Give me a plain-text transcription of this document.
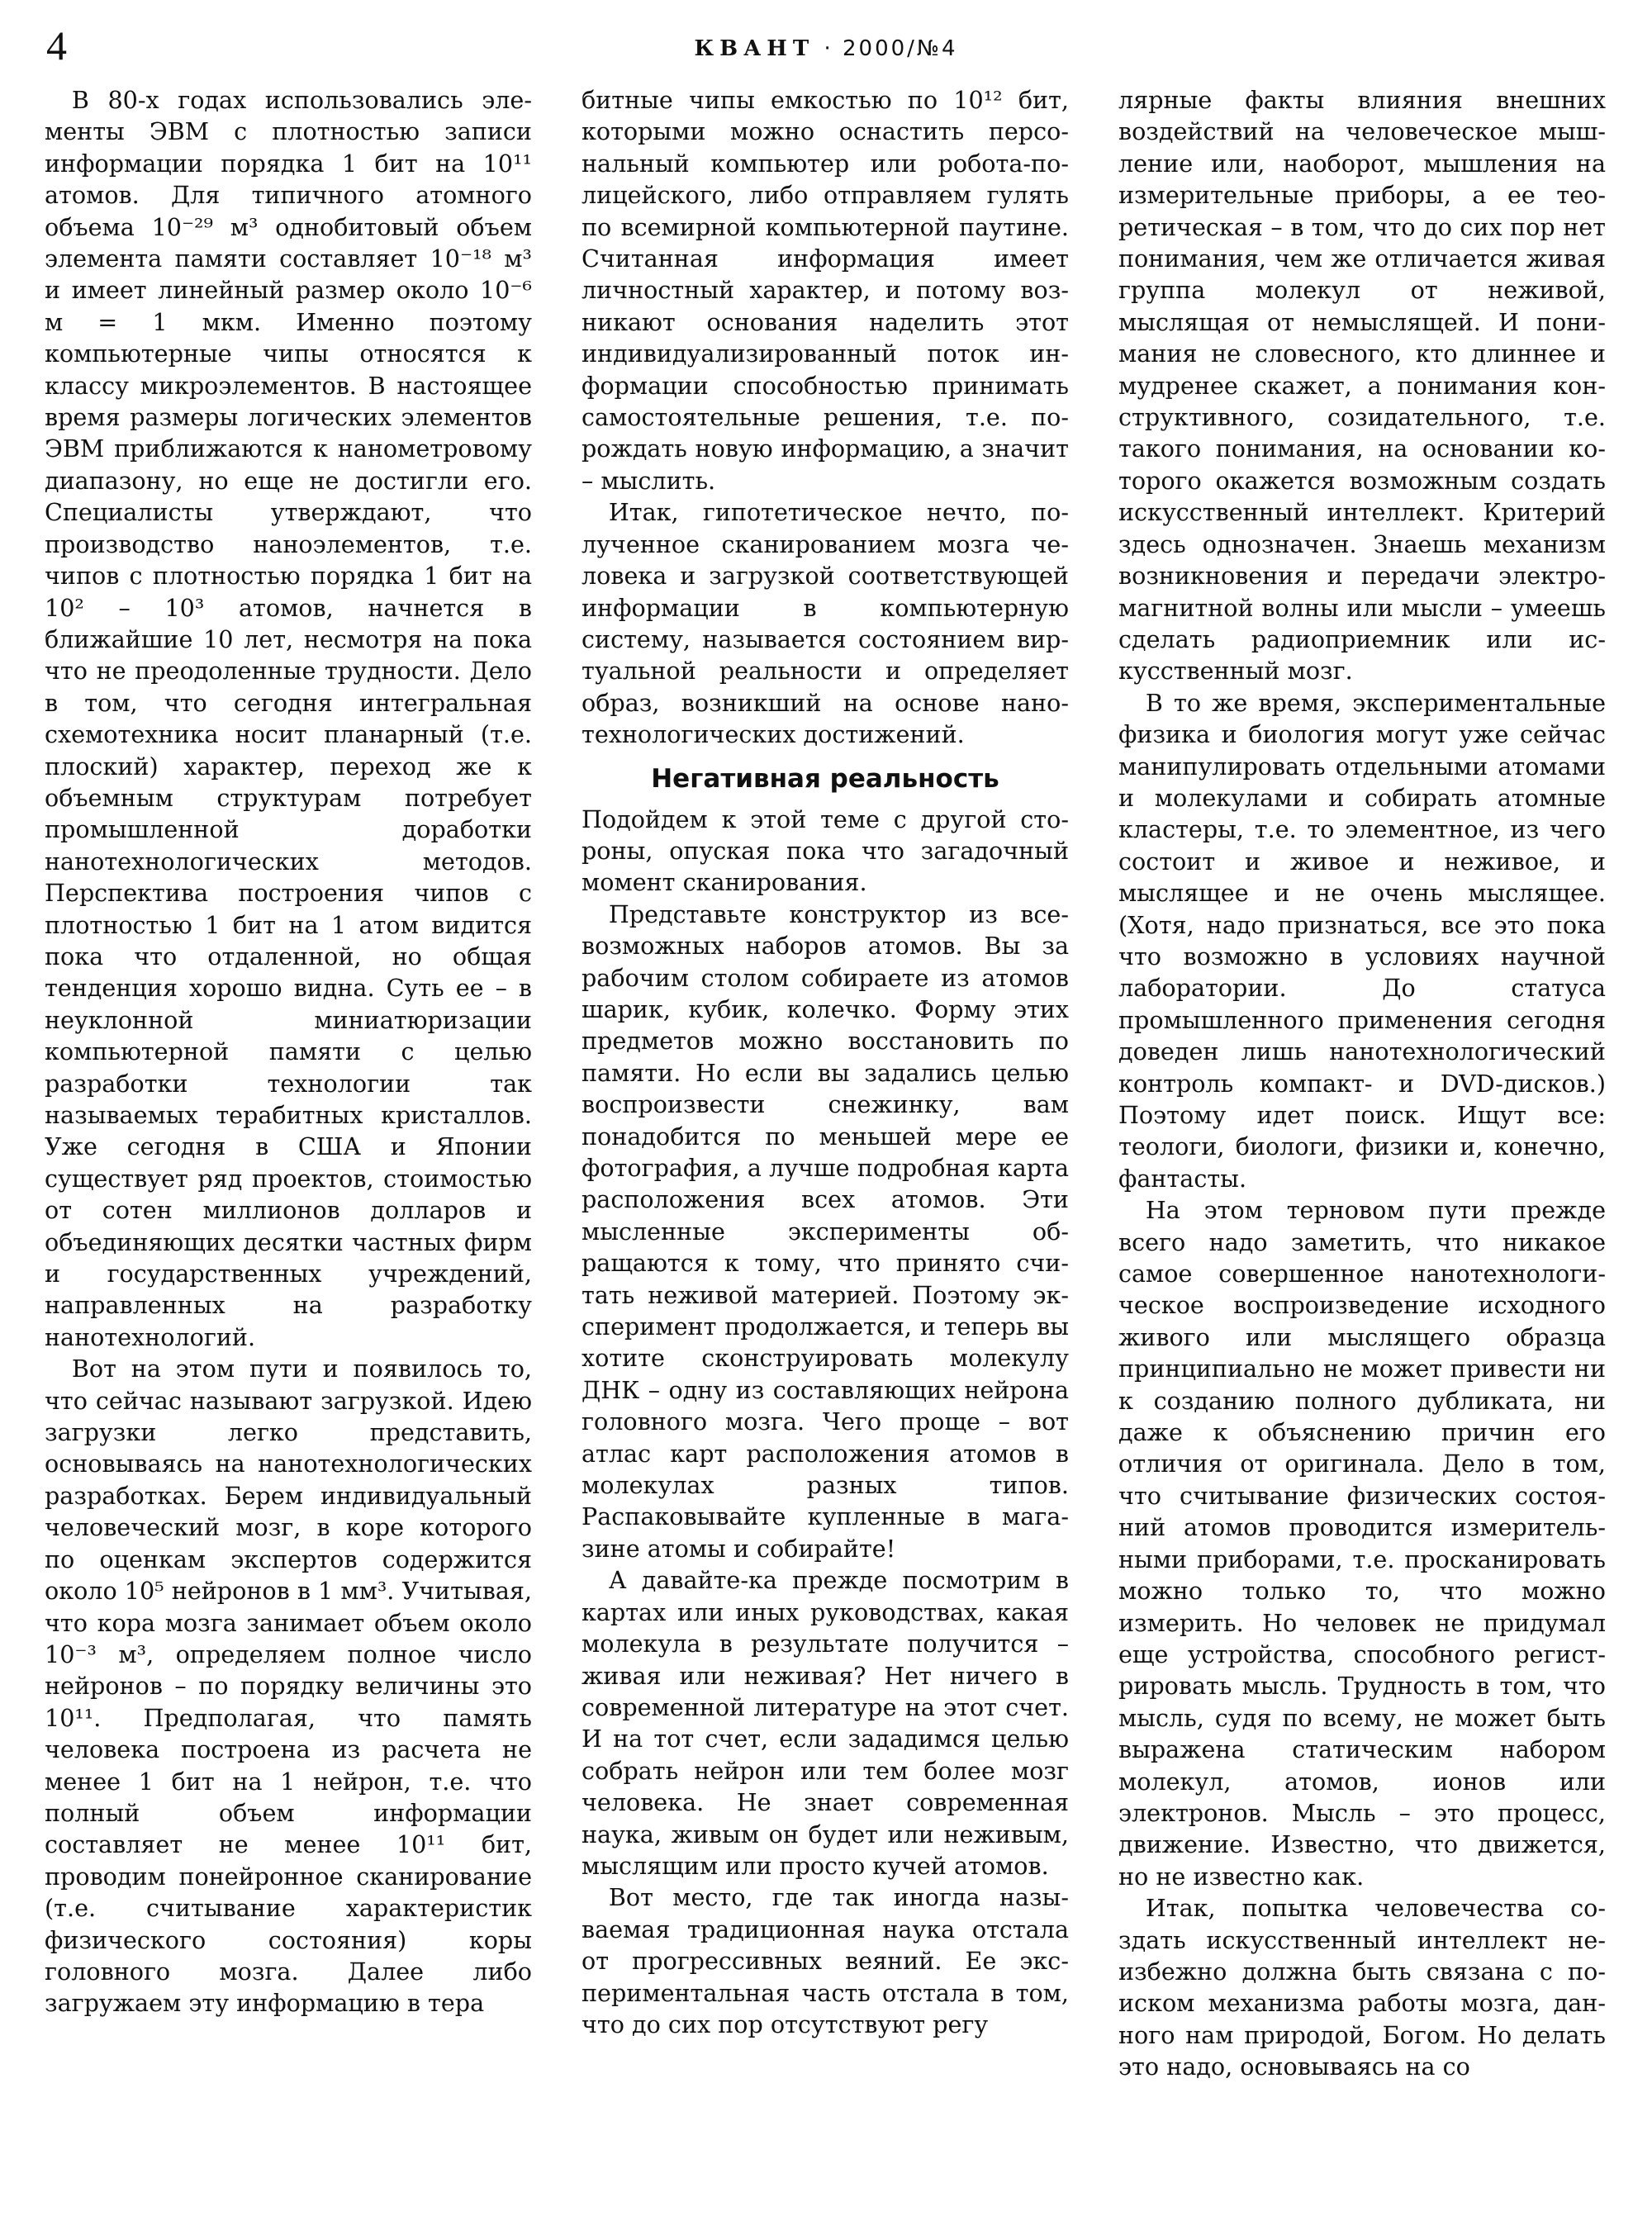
4	КВАНТ · 2000/№4

В 80-х годах использовались элементы ЭВМ с плотностью записи информации порядка 1 бит на 10¹¹ атомов. Для типичного атомного объема 10⁻²⁹ м³ однобитовый объем элемента памяти составляет 10⁻¹⁸ м³ и имеет линейный размер около 10⁻⁶ м = 1 мкм. Именно поэтому компьютерные чипы относятся к классу микроэлементов. В настоящее время размеры логических элементов ЭВМ приближаются к нанометровому диапазону, но еще не достигли его. Специалисты утверждают, что производство наноэлементов, т.е. чипов с плотностью порядка 1 бит на 10² – 10³ атомов, начнется в ближайшие 10 лет, несмотря на пока что не преодоленные трудности. Дело в том, что сегодня интегральная схемотехника носит планарный (т.е. плоский) характер, переход же к объемным структурам потребует промышленной доработки нанотехнологических методов. Перспектива построения чипов с плотностью 1 бит на 1 атом видится пока что отдаленной, но общая тенденция хорошо видна. Суть ее – в неуклонной миниатюризации компьютерной памяти с целью разработки технологии так называемых терабитных кристаллов. Уже сегодня в США и Японии существует ряд проектов, стоимостью от сотен миллионов долларов и объединяющих десятки частных фирм и государственных учреждений, направленных на разработку нанотехнологий.

Вот на этом пути и появилось то, что сейчас называют загрузкой. Идею загрузки легко представить, основываясь на нанотехнологических разработках. Берем индивидуальный человеческий мозг, в коре которого по оценкам экспертов содержится около 10⁵ нейронов в 1 мм³. Учитывая, что кора мозга занимает объем около 10⁻³ м³, определяем полное число нейронов – по порядку величины это 10¹¹. Предполагая, что память человека построена из расчета не менее 1 бит на 1 нейрон, т.е. что полный объем информации составляет не менее 10¹¹ бит, проводим понейронное сканирование (т.е. считывание характеристик физического состояния) коры головного мозга. Далее либо загружаем эту информацию в тера

битные чипы емкостью по 10¹² бит, которыми можно оснастить персональный компьютер или робота-полицейского, либо отправляем гулять по всемирной компьютерной паутине. Считанная информация имеет личностный характер, и потому возникают основания наделить этот индивидуализированный поток информации способностью принимать самостоятельные решения, т.е. порождать новую информацию, а значит – мыслить.

Итак, гипотетическое нечто, полученное сканированием мозга человека и загрузкой соответствующей информации в компьютерную систему, называется состоянием виртуальной реальности и определяет образ, возникший на основе нанотехнологических достижений.

Негативная реальность

Подойдем к этой теме с другой стороны, опуская пока что загадочный момент сканирования.

Представьте конструктор из всевозможных наборов атомов. Вы за рабочим столом собираете из атомов шарик, кубик, колечко. Форму этих предметов можно восстановить по памяти. Но если вы задались целью воспроизвести снежинку, вам понадобится по меньшей мере ее фотография, а лучше подробная карта расположения всех атомов. Эти мысленные эксперименты обращаются к тому, что принято считать неживой материей. Поэтому эксперимент продолжается, и теперь вы хотите сконструировать молекулу ДНК – одну из составляющих нейрона головного мозга. Чего проще – вот атлас карт расположения атомов в молекулах разных типов. Распаковывайте купленные в магазине атомы и собирайте!

А давайте-ка прежде посмотрим в картах или иных руководствах, какая молекула в результате получится – живая или неживая? Нет ничего в современной литературе на этот счет. И на тот счет, если зададимся целью собрать нейрон или тем более мозг человека. Не знает современная наука, живым он будет или неживым, мыслящим или просто кучей атомов.

Вот место, где так иногда называемая традиционная наука отстала от прогрессивных веяний. Ее экспериментальная часть отстала в том, что до сих пор отсутствуют регу

лярные факты влияния внешних воздействий на человеческое мышление или, наоборот, мышления на измерительные приборы, а ее теоретическая – в том, что до сих пор нет понимания, чем же отличается живая группа молекул от неживой, мыслящая от немыслящей. И понимания не словесного, кто длиннее и мудренее скажет, а понимания конструктивного, созидательного, т.е. такого понимания, на основании которого окажется возможным создать искусственный интеллект. Критерий здесь однозначен. Знаешь механизм возникновения и передачи электромагнитной волны или мысли – умеешь сделать радиоприемник или искусственный мозг.

В то же время, экспериментальные физика и биология могут уже сейчас манипулировать отдельными атомами и молекулами и собирать атомные кластеры, т.е. то элементное, из чего состоит и живое и неживое, и мыслящее и не очень мыслящее. (Хотя, надо признаться, все это пока что возможно в условиях научной лаборатории. До статуса промышленного применения сегодня доведен лишь нанотехнологический контроль компакт- и DVD-дисков.) Поэтому идет поиск. Ищут все: теологи, биологи, физики и, конечно, фантасты.

На этом терновом пути прежде всего надо заметить, что никакое самое совершенное нанотехнологическое воспроизведение исходного живого или мыслящего образца принципиально не может привести ни к созданию полного дубликата, ни даже к объяснению причин его отличия от оригинала. Дело в том, что считывание физических состояний атомов проводится измерительными приборами, т.е. просканировать можно только то, что можно измерить. Но человек не придумал еще устройства, способного регистрировать мысль. Трудность в том, что мысль, судя по всему, не может быть выражена статическим набором молекул, атомов, ионов или электронов. Мысль – это процесс, движение. Известно, что движется, но не известно как.

Итак, попытка человечества создать искусственный интеллект неизбежно должна быть связана с поиском механизма работы мозга, данного нам природой, Богом. Но делать это надо, основываясь на со
